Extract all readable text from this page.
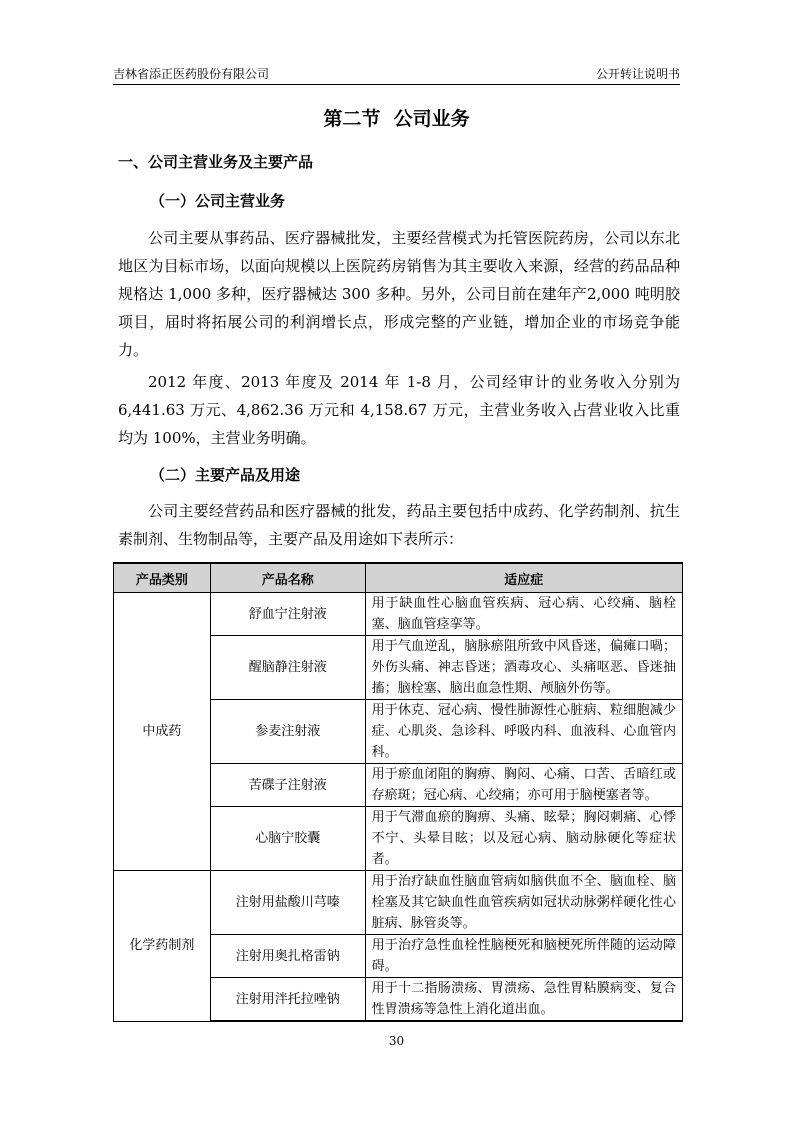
吉林省添正医药股份有限公司	公开转让说明书
第二节  公司业务
一、公司主营业务及主要产品
（一）公司主营业务

公司主要从事药品、医疗器械批发，主要经营模式为托管医院药房，公司以东北地区为目标市场，以面向规模以上医院药房销售为其主要收入来源，经营的药品品种规格达 1,000 多种，医疗器械达 300 多种。另外，公司目前在建年产2,000 吨明胶项目，届时将拓展公司的利润增长点，形成完整的产业链，增加企业的市场竞争能力。

2012 年度、2013 年度及 2014 年 1-8 月，公司经审计的业务收入分别为6,441.63 万元、4,862.36 万元和 4,158.67 万元，主营业务收入占营业收入比重均为 100%，主营业务明确。

（二）主要产品及用途

公司主要经营药品和医疗器械的批发，药品主要包括中成药、化学药制剂、抗生素制剂、生物制品等，主要产品及用途如下表所示：

产品类别	产品名称	适应症
中成药	舒血宁注射液	用于缺血性心脑血管疾病、冠心病、心绞痛、脑栓塞、脑血管痉挛等。
	醒脑静注射液	用于气血逆乱，脑脉瘀阻所致中风昏迷，偏瘫口喎；外伤头痛、神志昏迷；酒毒攻心、头痛呕恶、昏迷抽搐；脑栓塞、脑出血急性期、颅脑外伤等。
	参麦注射液	用于休克、冠心病、慢性肺源性心脏病、粒细胞减少症、心肌炎、急诊科、呼吸内科、血液科、心血管内科。
	苦碟子注射液	用于瘀血闭阻的胸痹、胸闷、心痛、口苦、舌暗红或存瘀斑；冠心病、心绞痛；亦可用于脑梗塞者等。
	心脑宁胶囊	用于气滞血瘀的胸痹、头痛、眩晕；胸闷刺痛、心悸不宁、头晕目眩；以及冠心病、脑动脉硬化等症状者。
化学药制剂	注射用盐酸川芎嗪	用于治疗缺血性脑血管病如脑供血不全、脑血栓、脑栓塞及其它缺血性血管疾病如冠状动脉粥样硬化性心脏病、脉管炎等。
	注射用奥扎格雷钠	用于治疗急性血栓性脑梗死和脑梗死所伴随的运动障碍。
	注射用泮托拉唑钠	用于十二指肠溃疡、胃溃疡、急性胃粘膜病变、复合性胃溃疡等急性上消化道出血。
30
